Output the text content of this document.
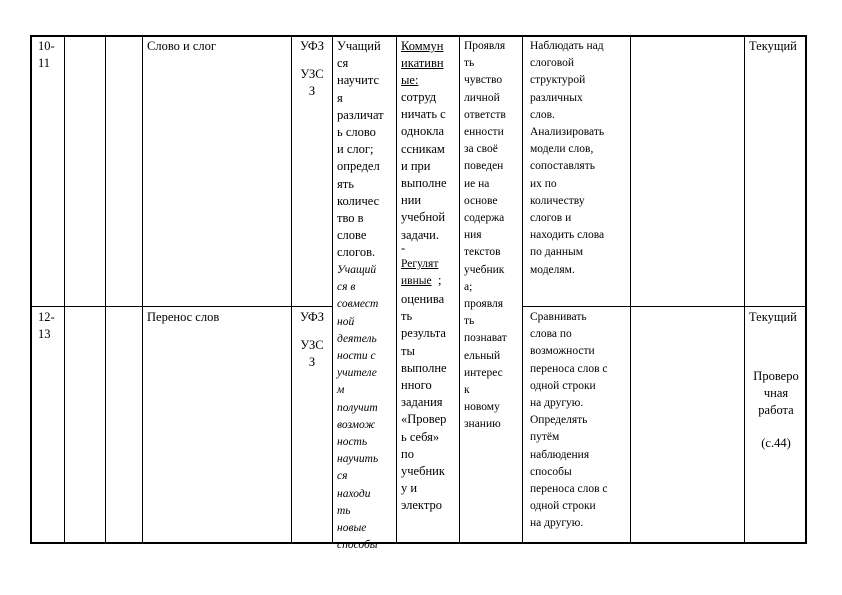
10-
11
Слово и слог	УФЗ
УЗС
З
Наблюдать над
слоговой
структурой
различных
слов.
Анализировать
модели слов,
сопоставлять
их по
количеству
слогов и
находить слова
по данным
моделям.
Текущий
12-
13
Перенос слов	УФЗ
УЗС
З
Сравнивать
слова по
возможности
переноса слов с
одной строки
на другую.
Определять
путём
наблюдения
способы
переноса слов с
одной строки
на другую.
Текущий
Проверо
чная
работа
(с.44)
Учащий
ся
научитс
я
различат
ь слово
и слог;
определ
ять
количес
тво в
слове
слогов.
Учащий
ся в
совмест
ной
деятель
ности с
учителе
м
получит
возмож
ность
научить
ся
находи
ть
новые
способы
Коммун
икативн
ые:
сотруд
ничать с
однокла
ссникам
и при
выполне
нии
учебной
задачи.
-
Регулят
ивные ;
оценива
ть
результа
ты
выполне
нного
задания
«Провер
ь себя»
по
учебник
у и
электро
Проявля
ть
чувство
личной
ответств
енности
за своё
поведен
ие на
основе
содержа
ния
текстов
учебник
а;
проявля
ть
познават
ельный
интерес
к
новому
знанию
